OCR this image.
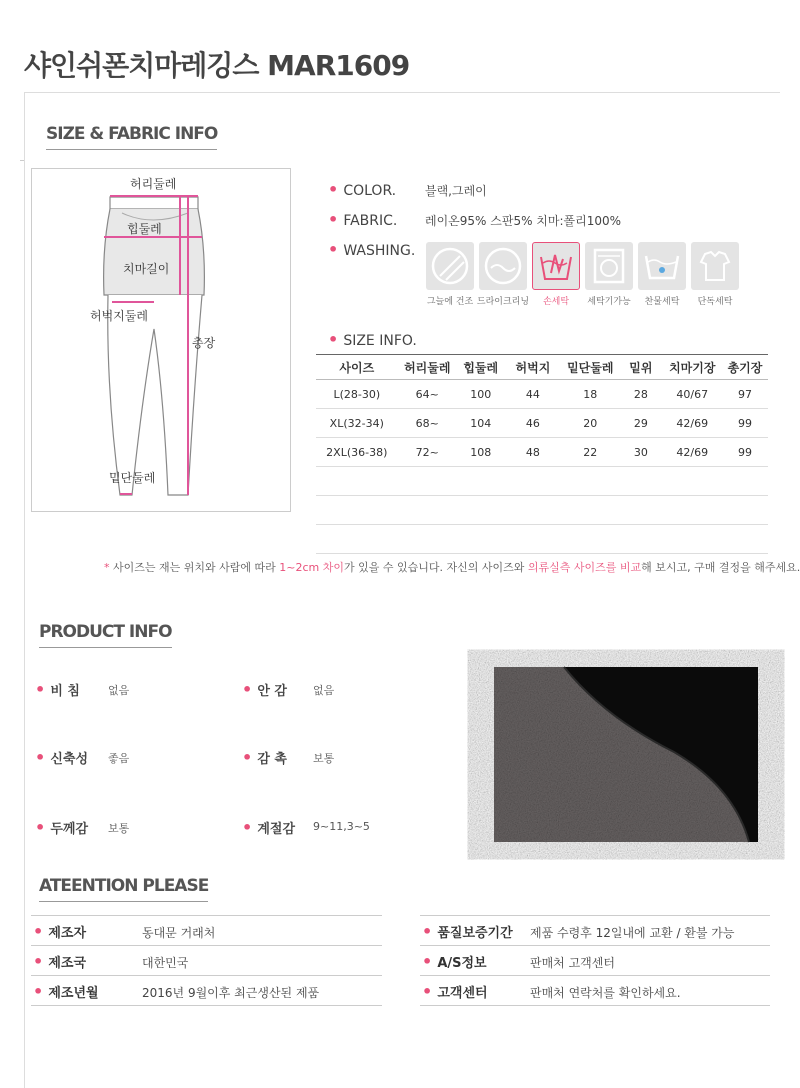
샤인쉬폰치마레깅스 MAR1609
SIZE & FABRIC INFO
허리둘레
힙둘레
치마길이
허벅지둘레
총장
밑단둘레
• COLOR. 블랙,그레이
• FABRIC. 레이온95% 스판5% 치마:폴리100%
• WASHING.
그늘에 건조 드라이크리닝	손세탁	세탁기가능	찬물세탁	단독세탁
• SIZE INFO.
사이즈	허리둘레	힙둘레	허벅지	밑단둘레	밑위	치마기장	총기장
L(28-30)	64~	100	44	18	28	40/67	97
XL(32-34)	68~	104	46	20	29	42/69	99
2XL(36-38)	72~	108	48	22	30	42/69	99

* 사이즈는 재는 위치와 사람에 따라 1~2cm 차이가 있을 수 있습니다. 자신의 사이즈와 의류실측 사이즈를 비교해 보시고, 구매 결정을 해주세요.
PRODUCT INFO
• 비 침	없음	• 안 감 없음
• 신축성 좋음	• 감 촉 보통
• 두께감 보통	• 계절감 9~11,3~5
ATEENTION PLEASE
• 제조자	동대문 거래처
• 제조국	대한민국
• 제조년월	2016년 9월이후 최근생산된 제품
• 품질보증기간 제품 수령후 12일내에 교환 / 환불 가능
• A/S정보	판매처 고객센터
• 고객센터	판매처 연락처를 확인하세요.
